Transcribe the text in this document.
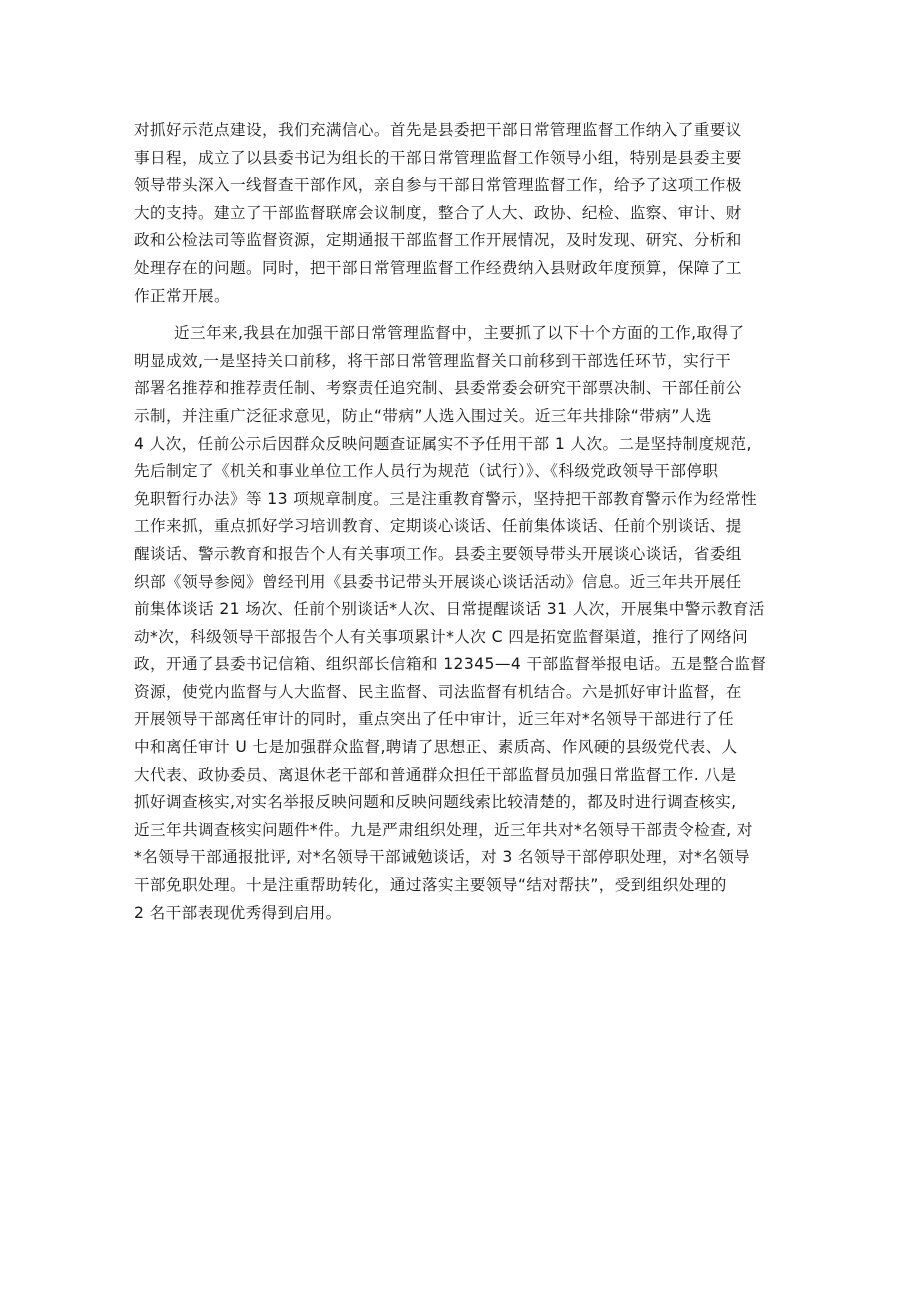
对抓好示范点建设，我们充满信心。首先是县委把干部日常管理监督工作纳入了重要议
事日程，成立了以县委书记为组长的干部日常管理监督工作领导小组，特别是县委主要
领导带头深入一线督查干部作风，亲自参与干部日常管理监督工作，给予了这项工作极
大的支持。建立了干部监督联席会议制度，整合了人大、政协、纪检、监察、审计、财
政和公检法司等监督资源，定期通报干部监督工作开展情况，及时发现、研究、分析和
处理存在的问题。同时，把干部日常管理监督工作经费纳入县财政年度预算，保障了工
作正常开展。
近三年来,我县在加强干部日常管理监督中，主要抓了以下十个方面的工作,取得了
明显成效,一是坚持关口前移，将干部日常管理监督关口前移到干部选任环节，实行干
部署名推荐和推荐责任制、考察责任追究制、县委常委会研究干部票决制、干部任前公
示制，并注重广泛征求意见，防止“带病”人选入围过关。近三年共排除“带病”人选
4 人次，任前公示后因群众反映问题查证属实不予任用干部 1 人次。二是坚持制度规范,
先后制定了《机关和事业单位工作人员行为规范（试行）》、《科级党政领导干部停职
免职暂行办法》等 13 项规章制度。三是注重教育警示，坚持把干部教育警示作为经常性
工作来抓，重点抓好学习培训教育、定期谈心谈话、任前集体谈话、任前个别谈话、提
醒谈话、警示教育和报告个人有关事项工作。县委主要领导带头开展谈心谈话，省委组
织部《领导参阅》曾经刊用《县委书记带头开展谈心谈话活动》信息。近三年共开展任
前集体谈话 21 场次、任前个别谈话*人次、日常提醒谈话 31 人次，开展集中警示教育活
动*次，科级领导干部报告个人有关事项累计*人次 C 四是拓宽监督渠道，推行了网络问
政，开通了县委书记信箱、组织部长信箱和 12345—4 干部监督举报电话。五是整合监督
资源，使党内监督与人大监督、民主监督、司法监督有机结合。六是抓好审计监督，在
开展领导干部离任审计的同时，重点突出了任中审计，近三年对*名领导干部进行了任
中和离任审计 U 七是加强群众监督,聘请了思想正、素质高、作风硬的县级党代表、人
大代表、政协委员、离退休老干部和普通群众担任干部监督员加强日常监督工作. 八是
抓好调查核实,对实名举报反映问题和反映问题线索比较清楚的，都及时进行调查核实,
近三年共调查核实问题件*件。九是严肃组织处理，近三年共对*名领导干部责令检查, 对
*名领导干部通报批评, 对*名领导干部诫勉谈话，对 3 名领导干部停职处理，对*名领导
干部免职处理。十是注重帮助转化，通过落实主要领导“结对帮扶”，受到组织处理的
2 名干部表现优秀得到启用。
